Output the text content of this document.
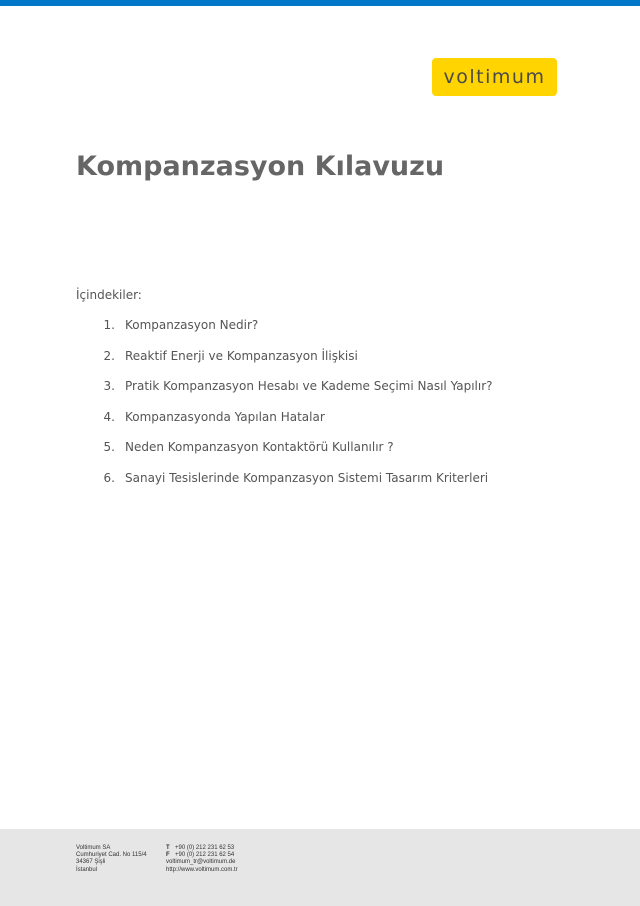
voltimum
Kompanzasyon Kılavuzu
İçindekiler:
1. Kompanzasyon Nedir?
2. Reaktif Enerji ve Kompanzasyon İlişkisi
3. Pratik Kompanzasyon Hesabı ve Kademe Seçimi Nasıl Yapılır?
4. Kompanzasyonda Yapılan Hatalar
5. Neden Kompanzasyon Kontaktörü Kullanılır ?
6. Sanayi Tesislerinde Kompanzasyon Sistemi Tasarım Kriterleri
Voltimum SA
Cumhuriyet Cad. No 115/4
34367 Şişli
İstanbul
T +90 (0) 212 231 62 53
F +90 (0) 212 231 62 54
voltimum_tr@voltimum.de
http://www.voltimum.com.tr
